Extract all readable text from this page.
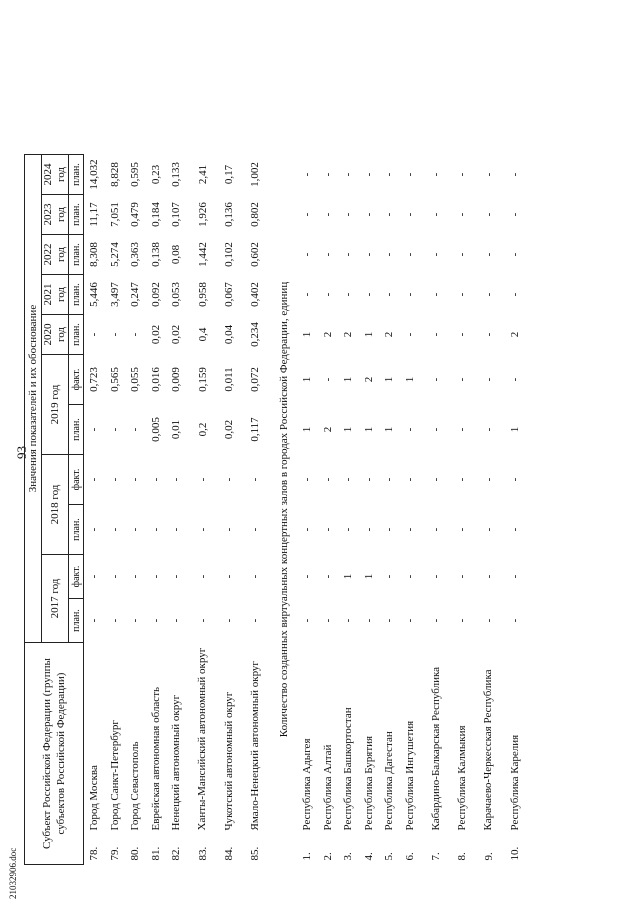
93
21032906.doc
Субъект Российской Федерации (группы субъектов Российской Федерации)		Значения показателей и их обоснование										
		2017 год		2018 год		2019 год		2020 год	2021 год	2022 год	2023 год	2024 год
		план.	факт.	план.	факт.	план.	факт.	план.	план.	план.	план.	план.
78.	Город Москва	-	-	-	-	-	0,723	-	5,446	8,308	11,17	14,032
79.	Город Санкт-Петербург	-	-	-	-	-	0,565	-	3,497	5,274	7,051	8,828
80.	Город Севастополь	-	-	-	-	-	0,055	-	0,247	0,363	0,479	0,595
81.	Еврейская автономная область	-	-	-	-	0,005	0,016	0,02	0,092	0,138	0,184	0,23
82.	Ненецкий автономный округ	-	-	-	-	0,01	0,009	0,02	0,053	0,08	0,107	0,133
83.	Ханты-Мансийский автономный округ	-	-	-	-	0,2	0,159	0,4	0,958	1,442	1,926	2,41
84.	Чукотский автономный округ	-	-	-	-	0,02	0,011	0,04	0,067	0,102	0,136	0,17
85.	Ямало-Ненецкий автономный округ	-	-	-	-	0,117	0,072	0,234	0,402	0,602	0,802	1,002
Количество созданных виртуальных концертных залов в городах Российской Федерации, единиц												
1.	Республика Адыгея	-	-	-	-	1	1	1	-	-	-	-
2.	Республика Алтай	-	-	-	-	2	-	2	-	-	-	-
3.	Республика Башкортостан	-	1	-	-	1	1	2	-	-	-	-
4.	Республика Бурятия	-	1	-	-	1	2	1	-	-	-	-
5.	Республика Дагестан	-	-	-	-	1	1	2	-	-	-	-
6.	Республика Ингушетия	-	-	-	-	-	1	-	-	-	-	-
7.	Кабардино-Балкарская Республика	-	-	-	-	-	-	-	-	-	-	-
8.	Республика Калмыкия	-	-	-	-	-	-	-	-	-	-	-
9.	Карачаево-Черкесская Республика	-	-	-	-	-	-	-	-	-	-	-
10.	Республика Карелия	-	-	-	-	1	-	2	-	-	-	-
